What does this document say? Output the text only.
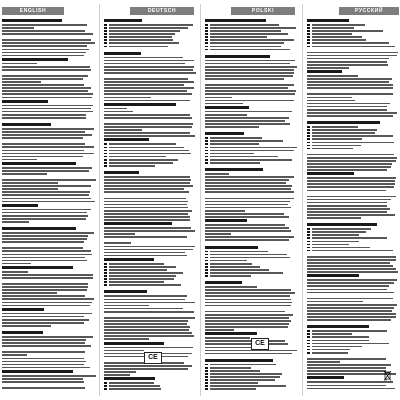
ENGLISH	DEUTSCH
CE
POLSKI
CE
РУССКИЙ
